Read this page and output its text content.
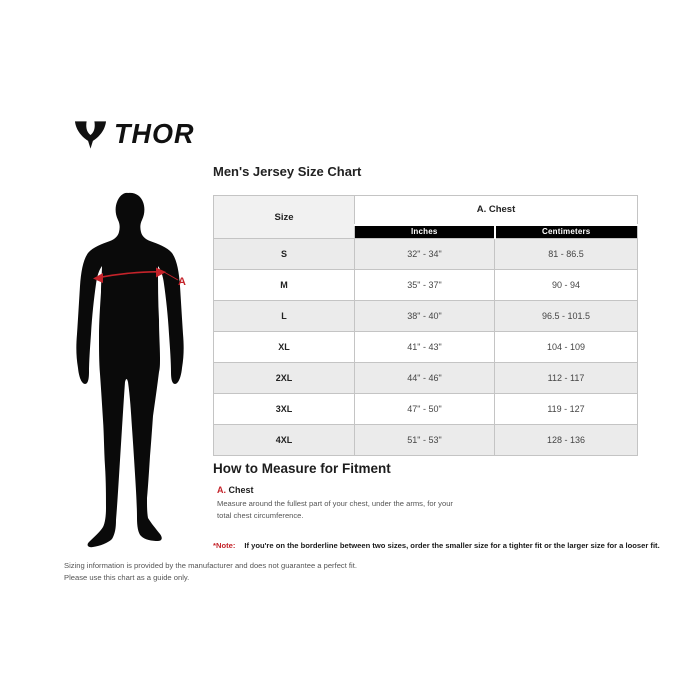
THOR
A
Men's Jersey Size Chart
Size	A. Chest	
	Inches	Centimeters
S	32" - 34"	81 - 86.5
M	35" - 37"	90 - 94
L	38" - 40"	96.5 - 101.5
XL	41" - 43"	104 - 109
2XL	44" - 46"	112 - 117
3XL	47" - 50"	119 - 127
4XL	51" - 53"	128 - 136
How to Measure for Fitment
A. Chest
Measure around the fullest part of your chest, under the arms, for your
total chest circumference.
*Note: If you're on the borderline between two sizes, order the smaller size for a tighter fit or the larger size for a looser fit.
Sizing information is provided by the manufacturer and does not guarantee a perfect fit.
Please use this chart as a guide only.
